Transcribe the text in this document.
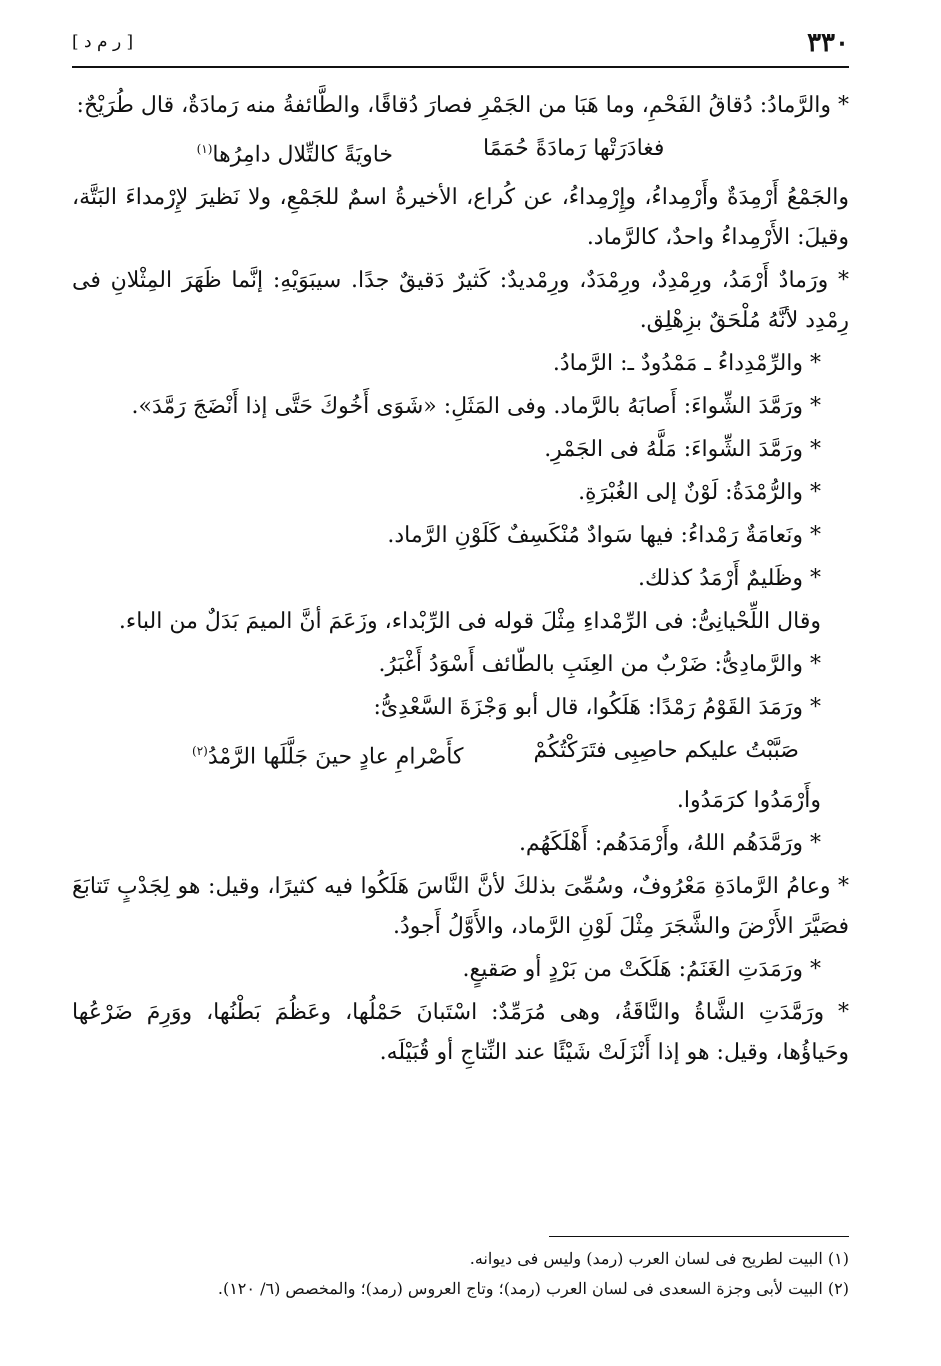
٣٣٠
[ ر م د ]

* والرَّمادُ: دُقاقُ الفَحْمِ، وما هَبَا من الجَمْرِ فصارَ دُقاقًا، والطَّائفةُ منه رَمادَةٌ، قال طُرَيْحٌ:

فغادَرَتْها رَمادَةً حُمَمًا
خاويَةً كالتِّلال دامِرُها$^{(١)}$

والجَمْعُ أَرْمِدَةٌ وأَرْمِداءُ، وإِرْمِداءُ، عن كُراع، الأخيرةُ اسمٌ للجَمْعِ، ولا نَظيرَ لإِرْمداءَ البَتَّة، وقيلَ: الأَرْمِداءُ واحدٌ، كالرَّماد.

* ورَمادٌ أَرْمَدُ، ورِمْدِدٌ، ورِمْدَدٌ، ورِمْديدٌ: كَثيرٌ دَقيقٌ جدًا. سيبَوَيْهِ: إنَّما ظَهَرَ المِثْلانِ فى رِمْدِد لأنَّهُ مُلْحَقٌ بزِهْلِق.

* والرِّمْدِداءُ ـ مَمْدُودٌ ـ: الرَّمادُ.

* ورَمَّدَ الشِّواءَ: أَصابَهُ بالرَّماد. وفى المَثَلِ: «شَوَى أَخُوكَ حَتَّى إذا أَنْضَجَ رَمَّدَ».

* ورَمَّدَ الشِّواءَ: مَلَّهُ فى الجَمْرِ.

* والرُّمْدَةُ: لَوْنٌ إلى الغُبْرَةِ.

* ونَعامَةٌ رَمْداءُ: فيها سَوادٌ مُنْكَسِفٌ كَلَوْنِ الرَّماد.

* وظَليمٌ أَرْمَدُ كذلك.

وقال اللِّحْيانِىُّ: فى الرِّمْداءِ مِثْلَ قوله فى الرِّبْداء، وزَعَمَ أنَّ الميمَ بَدَلٌ من الباء.

* والرَّمادِىُّ: ضَرْبٌ من العِنَبِ بالطّائف أَسْوَدُ أَغْبَرُ.

* ورَمَدَ القَوْمُ رَمْدًا: هَلَكُوا، قال أبو وَجْزَةَ السَّعْدِىُّ:

صَبَّبْتُ عليكم حاصِبِى فتَرَكْتُكُمْ
كأَصْرامِ عادٍ حينَ جَلَّلَها الرَّمْدُ$^{(٢)}$

وأَرْمَدُوا كرَمَدُوا.

* ورَمَّدَهُم اللهُ، وأَرْمَدَهُم: أَهْلَكَهُم.

* وعامُ الرَّمادَةِ مَعْرُوفٌ، وسُمِّىَ بذلكَ لأنَّ النَّاسَ هَلَكُوا فيه كثيرًا، وقيل: هو لِجَدْبٍ تَتابَعَ فصَيَّرَ الأَرْضَ والشَّجَرَ مِثْلَ لَوْنِ الرَّماد، والأَوَّلُ أَجودُ.

* ورَمَدَتِ الغَنَمُ: هَلَكَتْ من بَرْدٍ أو صَقيعٍ.

* ورَمَّدَتِ الشَّاةُ والنَّاقَةُ، وهى مُرَمِّدٌ: اسْتَبانَ حَمْلُها، وعَظُمَ بَطْنُها، ووَرِمَ ضَرْعُها وحَياؤُها، وقيل: هو إذا أَنْزَلَتْ شَيْئًا عند النِّتاجِ أو قُبَيْلَه.

(١) البيت لطريح فى لسان العرب (رمد) وليس فى ديوانه.

(٢) البيت لأبى وجزة السعدى فى لسان العرب (رمد)؛ وتاج العروس (رمد)؛ والمخصص (٦/ ١٢٠).
